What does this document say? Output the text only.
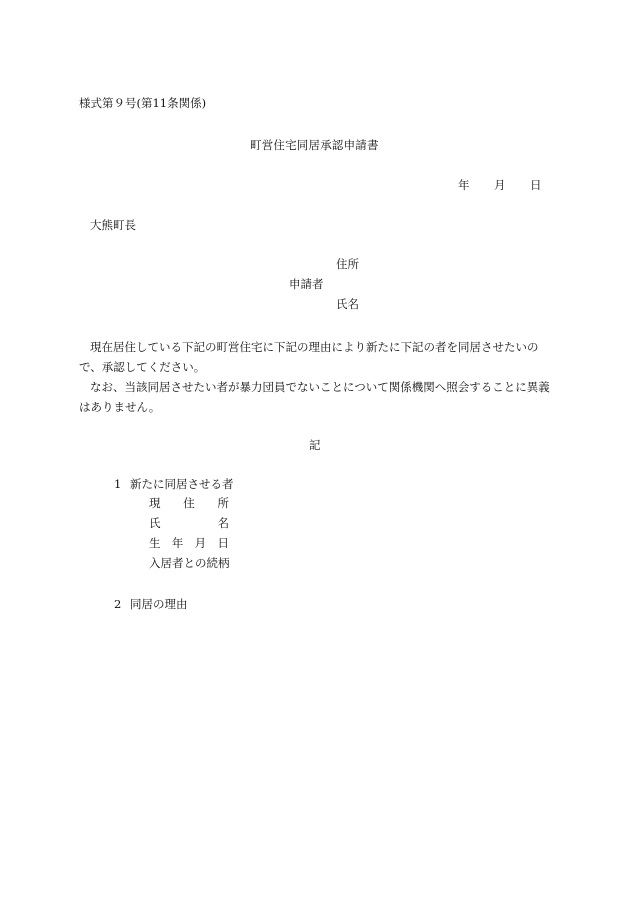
様式第９号(第11条関係)
町営住宅同居承認申請書
年 月 日
大熊町長
住所
申請者
氏名
現在居住している下記の町営住宅に下記の理由により新たに下記の者を同居させたいので、承認してください。
なお、当該同居させたい者が暴力団員でないことについて関係機関へ照会することに異義はありません。
記
1 新たに同居させる者
現 住 所
氏	名
生 年 月 日
入居者との続柄
2 同居の理由
